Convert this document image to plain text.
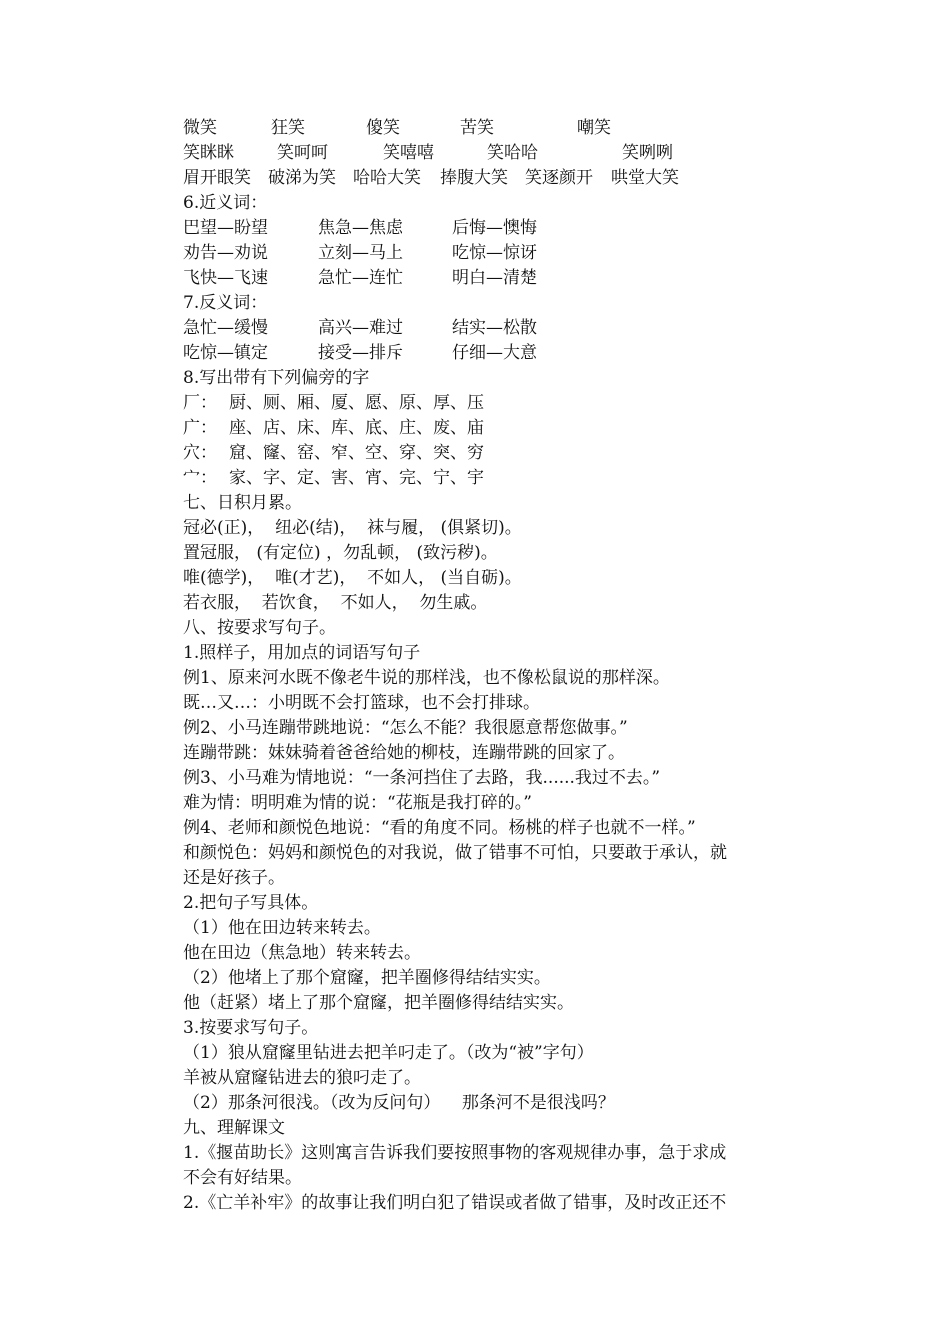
微笑	狂笑	傻笑	苦笑	嘲笑
笑眯眯	笑呵呵	笑嘻嘻	笑哈哈	笑咧咧
眉开眼笑	破涕为笑	哈哈大笑	捧腹大笑	笑逐颜开	哄堂大笑
6.近义词：
巴望—盼望	焦急—焦虑	后悔—懊悔
劝告—劝说	立刻—马上	吃惊—惊讶
飞快—飞速	急忙—连忙	明白—清楚
7.反义词：
急忙—缓慢	高兴—难过	结实—松散
吃惊—镇定	接受—排斥	仔细—大意
8.写出带有下列偏旁的字
厂： 厨、厕、厢、厦、愿、原、厚、压
广： 座、店、床、库、底、庄、废、庙
穴： 窟、窿、窑、窄、空、穿、突、穷
宀： 家、字、定、害、宵、完、宁、宇
七、日积月累。
冠必(正)，  纽必(结)，  袜与履， (俱紧切)。
置冠服， (有定位) ，勿乱顿， (致污秽)。
唯(德学)，  唯(才艺)，  不如人， (当自砺)。
若衣服，  若饮食，  不如人，  勿生戚。
八、按要求写句子。
1.照样子，用加点的词语写句子
例1、原来河水既不像老牛说的那样浅，也不像松鼠说的那样深。
既…又…：小明既不会打篮球，也不会打排球。
例2、小马连蹦带跳地说：“怎么不能？我很愿意帮您做事。”
连蹦带跳：妹妹骑着爸爸给她的柳枝，连蹦带跳的回家了。
例3、小马难为情地说：“一条河挡住了去路，我......我过不去。”
难为情：明明难为情的说：“花瓶是我打碎的。”
例4、老师和颜悦色地说：“看的角度不同。杨桃的样子也就不一样。”
和颜悦色：妈妈和颜悦色的对我说，做了错事不可怕，只要敢于承认，就
还是好孩子。
2.把句子写具体。
（1）他在田边转来转去。
他在田边（焦急地）转来转去。
（2）他堵上了那个窟窿，把羊圈修得结结实实。
他（赶紧）堵上了那个窟窿，把羊圈修得结结实实。
3.按要求写句子。
（1）狼从窟窿里钻进去把羊叼走了。（改为“被”字句）
羊被从窟窿钻进去的狼叼走了。
（2）那条河很浅。（改为反问句）    那条河不是很浅吗？
九、理解课文
1.《揠苗助长》这则寓言告诉我们要按照事物的客观规律办事，急于求成
不会有好结果。
2.《亡羊补牢》的故事让我们明白犯了错误或者做了错事，及时改正还不
